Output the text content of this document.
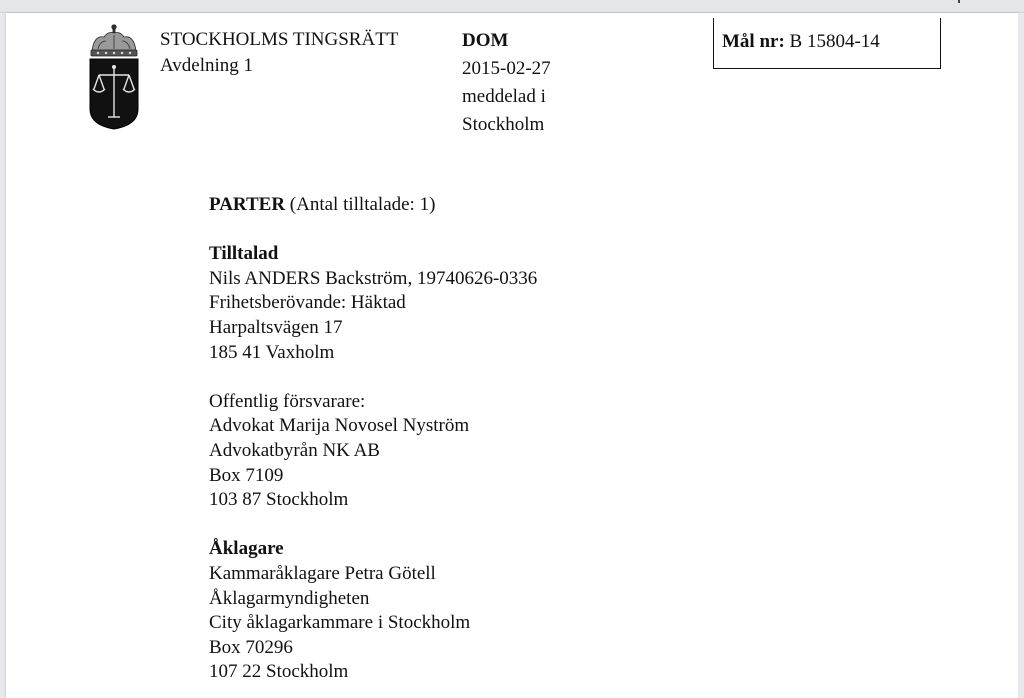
STOCKHOLMS TINGSRÄTT
Avdelning 1
DOM
2015-02-27
meddelad i
Stockholm
Mål nr: B 15804-14
PARTER (Antal tilltalade: 1)
Tilltalad
Nils ANDERS Backström, 19740626-0336
Frihetsberövande: Häktad
Harpaltsvägen 17
185 41 Vaxholm
Offentlig försvarare:
Advokat Marija Novosel Nyström
Advokatbyrån NK AB
Box 7109
103 87 Stockholm
Åklagare
Kammaråklagare Petra Götell
Åklagarmyndigheten
City åklagarkammare i Stockholm
Box 70296
107 22 Stockholm
